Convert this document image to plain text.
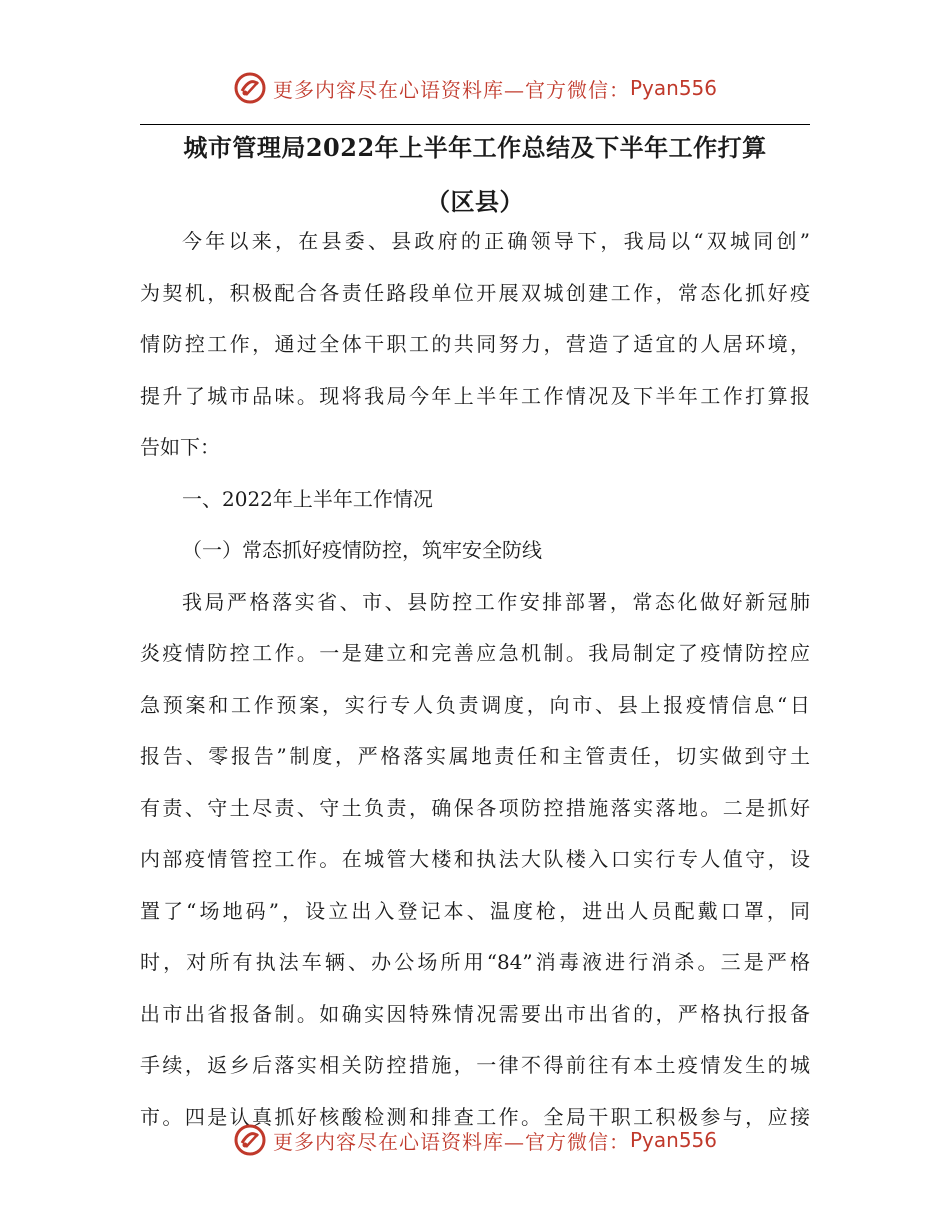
更多内容尽在心语资料库—官方微信： Pyan556
城市管理局2022年上半年工作总结及下半年工作打算
（区县）
今年以来，在县委、县政府的正确领导下，我局以“双城同创”
为契机，积极配合各责任路段单位开展双城创建工作，常态化抓好疫
情防控工作，通过全体干职工的共同努力，营造了适宜的人居环境，
提升了城市品味。现将我局今年上半年工作情况及下半年工作打算报
告如下：
一、2022年上半年工作情况
（一）常态抓好疫情防控，筑牢安全防线
我局严格落实省、市、县防控工作安排部署，常态化做好新冠肺
炎疫情防控工作。一是建立和完善应急机制。我局制定了疫情防控应
急预案和工作预案，实行专人负责调度，向市、县上报疫情信息“日
报告、零报告”制度，严格落实属地责任和主管责任，切实做到守土
有责、守土尽责、守土负责，确保各项防控措施落实落地。二是抓好
内部疫情管控工作。在城管大楼和执法大队楼入口实行专人值守，设
置了“场地码”，设立出入登记本、温度枪，进出人员配戴口罩，同
时，对所有执法车辆、办公场所用“84”消毒液进行消杀。三是严格
出市出省报备制。如确实因特殊情况需要出市出省的，严格执行报备
手续，返乡后落实相关防控措施，一律不得前往有本土疫情发生的城
市。四是认真抓好核酸检测和排查工作。全局干职工积极参与，应接
更多内容尽在心语资料库—官方微信： Pyan556
